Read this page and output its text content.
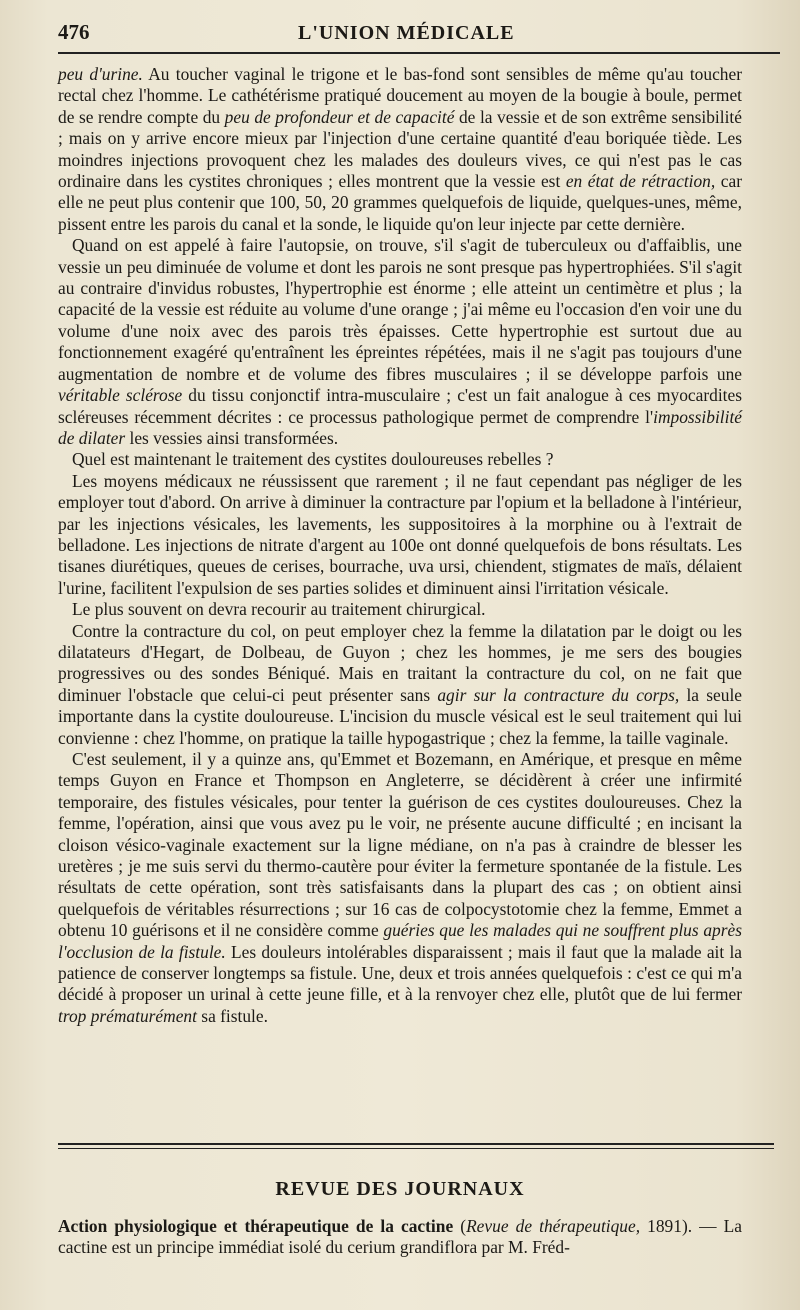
476	L'UNION MÉDICALE

peu d'urine. Au toucher vaginal le trigone et le bas-fond sont sensibles de même qu'au toucher rectal chez l'homme. Le cathétérisme pratiqué doucement au moyen de la bougie à boule, permet de se rendre compte du peu de profondeur et de capacité de la vessie et de son extrême sensibilité ; mais on y arrive encore mieux par l'injection d'une certaine quantité d'eau boriquée tiède. Les moindres injections provoquent chez les malades des douleurs vives, ce qui n'est pas le cas ordinaire dans les cystites chroniques ; elles montrent que la vessie est en état de rétraction, car elle ne peut plus contenir que 100, 50, 20 grammes quelquefois de liquide, quelques-unes, même, pissent entre les parois du canal et la sonde, le liquide qu'on leur injecte par cette dernière.

Quand on est appelé à faire l'autopsie, on trouve, s'il s'agit de tuberculeux ou d'affaiblis, une vessie un peu diminuée de volume et dont les parois ne sont presque pas hypertrophiées. S'il s'agit au contraire d'invidus robustes, l'hypertrophie est énorme ; elle atteint un centimètre et plus ; la capacité de la vessie est réduite au volume d'une orange ; j'ai même eu l'occasion d'en voir une du volume d'une noix avec des parois très épaisses. Cette hypertrophie est surtout due au fonctionnement exagéré qu'entraînent les épreintes répétées, mais il ne s'agit pas toujours d'une augmentation de nombre et de volume des fibres musculaires ; il se développe parfois une véritable sclérose du tissu conjonctif intra-musculaire ; c'est un fait analogue à ces myocardites scléreuses récemment décrites : ce processus pathologique permet de comprendre l'impossibilité de dilater les vessies ainsi transformées.

Quel est maintenant le traitement des cystites douloureuses rebelles ?

Les moyens médicaux ne réussissent que rarement ; il ne faut cependant pas négliger de les employer tout d'abord. On arrive à diminuer la contracture par l'opium et la belladone à l'intérieur, par les injections vésicales, les lavements, les suppositoires à la morphine ou à l'extrait de belladone. Les injections de nitrate d'argent au 100e ont donné quelquefois de bons résultats. Les tisanes diurétiques, queues de cerises, bourrache, uva ursi, chiendent, stigmates de maïs, délaient l'urine, facilitent l'expulsion de ses parties solides et diminuent ainsi l'irritation vésicale.

Le plus souvent on devra recourir au traitement chirurgical.

Contre la contracture du col, on peut employer chez la femme la dilatation par le doigt ou les dilatateurs d'Hegart, de Dolbeau, de Guyon ; chez les hommes, je me sers des bougies progressives ou des sondes Béniqué. Mais en traitant la contracture du col, on ne fait que diminuer l'obstacle que celui-ci peut présenter sans agir sur la contracture du corps, la seule importante dans la cystite douloureuse. L'incision du muscle vésical est le seul traitement qui lui convienne : chez l'homme, on pratique la taille hypogastrique ; chez la femme, la taille vaginale.

C'est seulement, il y a quinze ans, qu'Emmet et Bozemann, en Amérique, et presque en même temps Guyon en France et Thompson en Angleterre, se décidèrent à créer une infirmité temporaire, des fistules vésicales, pour tenter la guérison de ces cystites douloureuses. Chez la femme, l'opération, ainsi que vous avez pu le voir, ne présente aucune difficulté ; en incisant la cloison vésico-vaginale exactement sur la ligne médiane, on n'a pas à craindre de blesser les uretères ; je me suis servi du thermo-cautère pour éviter la fermeture spontanée de la fistule. Les résultats de cette opération, sont très satisfaisants dans la plupart des cas ; on obtient ainsi quelquefois de véritables résurrections ; sur 16 cas de colpocystotomie chez la femme, Emmet a obtenu 10 guérisons et il ne considère comme guéries que les malades qui ne souffrent plus après l'occlusion de la fistule. Les douleurs intolérables disparaissent ; mais il faut que la malade ait la patience de conserver longtemps sa fistule. Une, deux et trois années quelquefois : c'est ce qui m'a décidé à proposer un urinal à cette jeune fille, et à la renvoyer chez elle, plutôt que de lui fermer trop prématurément sa fistule.

REVUE DES JOURNAUX
Action physiologique et thérapeutique de la cactine (Revue de thérapeutique, 1891). — La cactine est un principe immédiat isolé du cerium grandiflora par M. Fréd-
